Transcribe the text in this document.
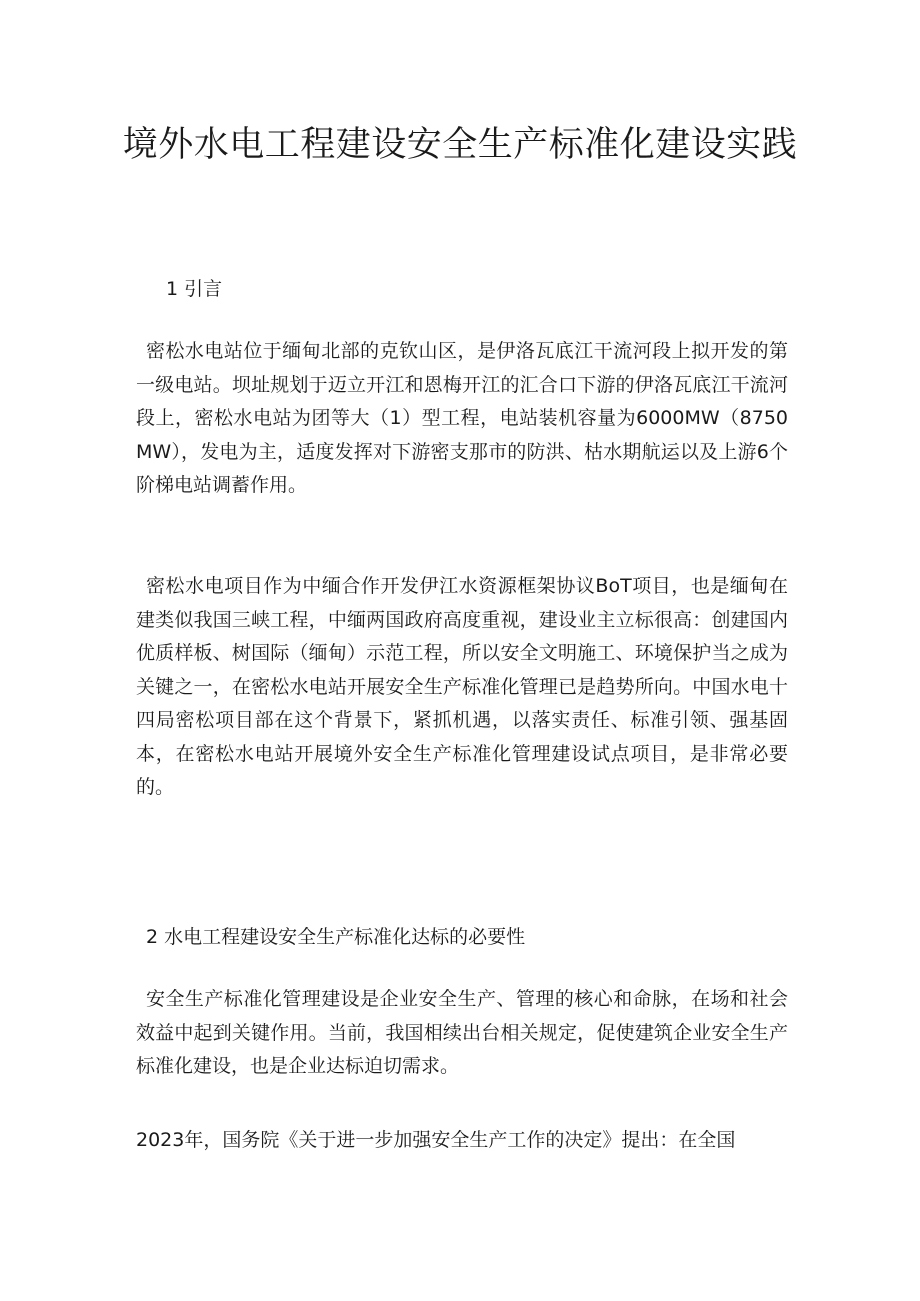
境外水电工程建设安全生产标准化建设实践
1 引言

密松水电站位于缅甸北部的克钦山区，是伊洛瓦底江干流河段上拟开发的第一级电站。坝址规划于迈立开江和恩梅开江的汇合口下游的伊洛瓦底江干流河段上，密松水电站为团等大（1）型工程，电站装机容量为6000MW（8750MW），发电为主，适度发挥对下游密支那市的防洪、枯水期航运以及上游6个阶梯电站调蓄作用。

密松水电项目作为中缅合作开发伊江水资源框架协议BoT项目，也是缅甸在建类似我国三峡工程，中缅两国政府高度重视，建设业主立标很高：创建国内优质样板、树国际（缅甸）示范工程，所以安全文明施工、环境保护当之成为关键之一，在密松水电站开展安全生产标准化管理已是趋势所向。中国水电十四局密松项目部在这个背景下，紧抓机遇，以落实责任、标准引领、强基固本，在密松水电站开展境外安全生产标准化管理建设试点项目，是非常必要的。

2 水电工程建设安全生产标准化达标的必要性

安全生产标准化管理建设是企业安全生产、管理的核心和命脉，在场和社会效益中起到关键作用。当前，我国相续出台相关规定，促使建筑企业安全生产标准化建设，也是企业达标迫切需求。

2023年，国务院《关于进一步加强安全生产工作的决定》提出：在全国
